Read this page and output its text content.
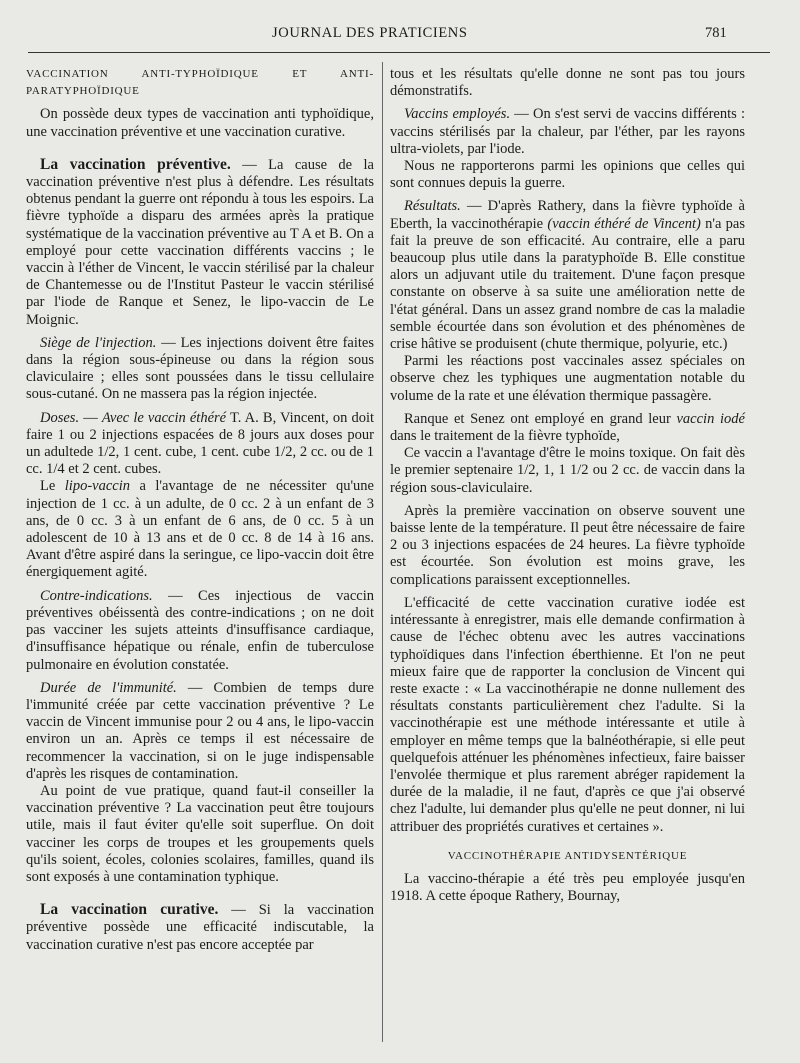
JOURNAL DES PRATICIENS	781

VACCINATION ANTI-TYPHOÏDIQUE ET ANTI-PARATYPHOÏDIQUE

On possède deux types de vaccination anti typhoïdique, une vaccination préventive et une vaccination curative.

La vaccination préventive. — La cause de la vaccination préventive n'est plus à défendre. Les résultats obtenus pendant la guerre ont répondu à tous les espoirs. La fièvre typhoïde a disparu des armées après la pratique systématique de la vaccination préventive au T A et B. On a employé pour cette vaccination différents vaccins ; le vaccin à l'éther de Vincent, le vaccin stérilisé par la chaleur de Chantemesse ou de l'Institut Pasteur le vaccin stérilisé par l'iode de Ranque et Senez, le lipo-vaccin de Le Moignic.

Siège de l'injection. — Les injections doivent être faites dans la région sous-épineuse ou dans la région sous claviculaire ; elles sont poussées dans le tissu cellulaire sous-cutané. On ne massera pas la région injectée.

Doses. — Avec le vaccin éthéré T. A. B, Vincent, on doit faire 1 ou 2 injections espacées de 8 jours aux doses pour un adultede 1/2, 1 cent. cube, 1 cent. cube 1/2, 2 cc. ou de 1 cc. 1/4 et 2 cent. cubes.

Le lipo-vaccin a l'avantage de ne nécessiter qu'une injection de 1 cc. à un adulte, de 0 cc. 2 à un enfant de 3 ans, de 0 cc. 3 à un enfant de 6 ans, de 0 cc. 5 à un adolescent de 10 à 13 ans et de 0 cc. 8 de 14 à 16 ans. Avant d'être aspiré dans la seringue, ce lipo-vaccin doit être énergiquement agité.

Contre-indications. — Ces injectious de vaccin préventives obéissentà des contre-indications ; on ne doit pas vacciner les sujets atteints d'insuffisance cardiaque, d'insuffisance hépatique ou rénale, enfin de tuberculose pulmonaire en évolution constatée.

Durée de l'immunité. — Combien de temps dure l'immunité créée par cette vaccination préventive ? Le vaccin de Vincent immunise pour 2 ou 4 ans, le lipo-vaccin environ un an. Après ce temps il est nécessaire de recommencer la vaccination, si on le juge indispensable d'après les risques de contamination.

Au point de vue pratique, quand faut-il conseiller la vaccination préventive ? La vaccination peut être toujours utile, mais il faut éviter qu'elle soit superflue. On doit vacciner les corps de troupes et les groupements quels qu'ils soient, écoles, colonies scolaires, familles, quand ils sont exposés à une contamination typhique.

La vaccination curative. — Si la vaccination préventive possède une efficacité indiscutable, la vaccination curative n'est pas encore acceptée par

tous et les résultats qu'elle donne ne sont pas tou jours démonstratifs.

Vaccins employés. — On s'est servi de vaccins différents : vaccins stérilisés par la chaleur, par l'éther, par les rayons ultra-violets, par l'iode.

Nous ne rapporterons parmi les opinions que celles qui sont connues depuis la guerre.

Résultats. — D'après Rathery, dans la fièvre typhoïde à Eberth, la vaccinothérapie (vaccin éthéré de Vincent) n'a pas fait la preuve de son efficacité. Au contraire, elle a paru beaucoup plus utile dans la paratyphoïde B. Elle constitue alors un adjuvant utile du traitement. D'une façon presque constante on observe à sa suite une amélioration nette de l'état général. Dans un assez grand nombre de cas la maladie semble écourtée dans son évolution et des phénomènes de crise hâtive se produisent (chute thermique, polyurie, etc.)

Parmi les réactions post vaccinales assez spéciales on observe chez les typhiques une augmentation notable du volume de la rate et une élévation thermique passagère.

Ranque et Senez ont employé en grand leur vaccin iodé dans le traitement de la fièvre typhoïde,

Ce vaccin a l'avantage d'être le moins toxique. On fait dès le premier septenaire 1/2, 1, 1 1/2 ou 2 cc. de vaccin dans la région sous-claviculaire.

Après la première vaccination on observe souvent une baisse lente de la température. Il peut être nécessaire de faire 2 ou 3 injections espacées de 24 heures. La fièvre typhoïde est écourtée. Son évolution est moins grave, les complications paraissent exceptionnelles.

L'efficacité de cette vaccination curative iodée est intéressante à enregistrer, mais elle demande confirmation à cause de l'échec obtenu avec les autres vaccinations typhoïdiques dans l'infection éberthienne. Et l'on ne peut mieux faire que de rapporter la conclusion de Vincent qui reste exacte : « La vaccinothérapie ne donne nullement des résultats constants particulièrement chez l'adulte. Si la vaccinothérapie est une méthode intéressante et utile à employer en même temps que la balnéothérapie, si elle peut quelquefois atténuer les phénomènes infectieux, faire baisser l'envolée thermique et plus rarement abréger rapidement la durée de la maladie, il ne faut, d'après ce que j'ai observé chez l'adulte, lui demander plus qu'elle ne peut donner, ni lui attribuer des propriétés curatives et certaines ».

VACCINOTHÉRAPIE ANTIDYSENTÉRIQUE

La vaccino-thérapie a été très peu employée jusqu'en 1918. A cette époque Rathery, Bournay,
